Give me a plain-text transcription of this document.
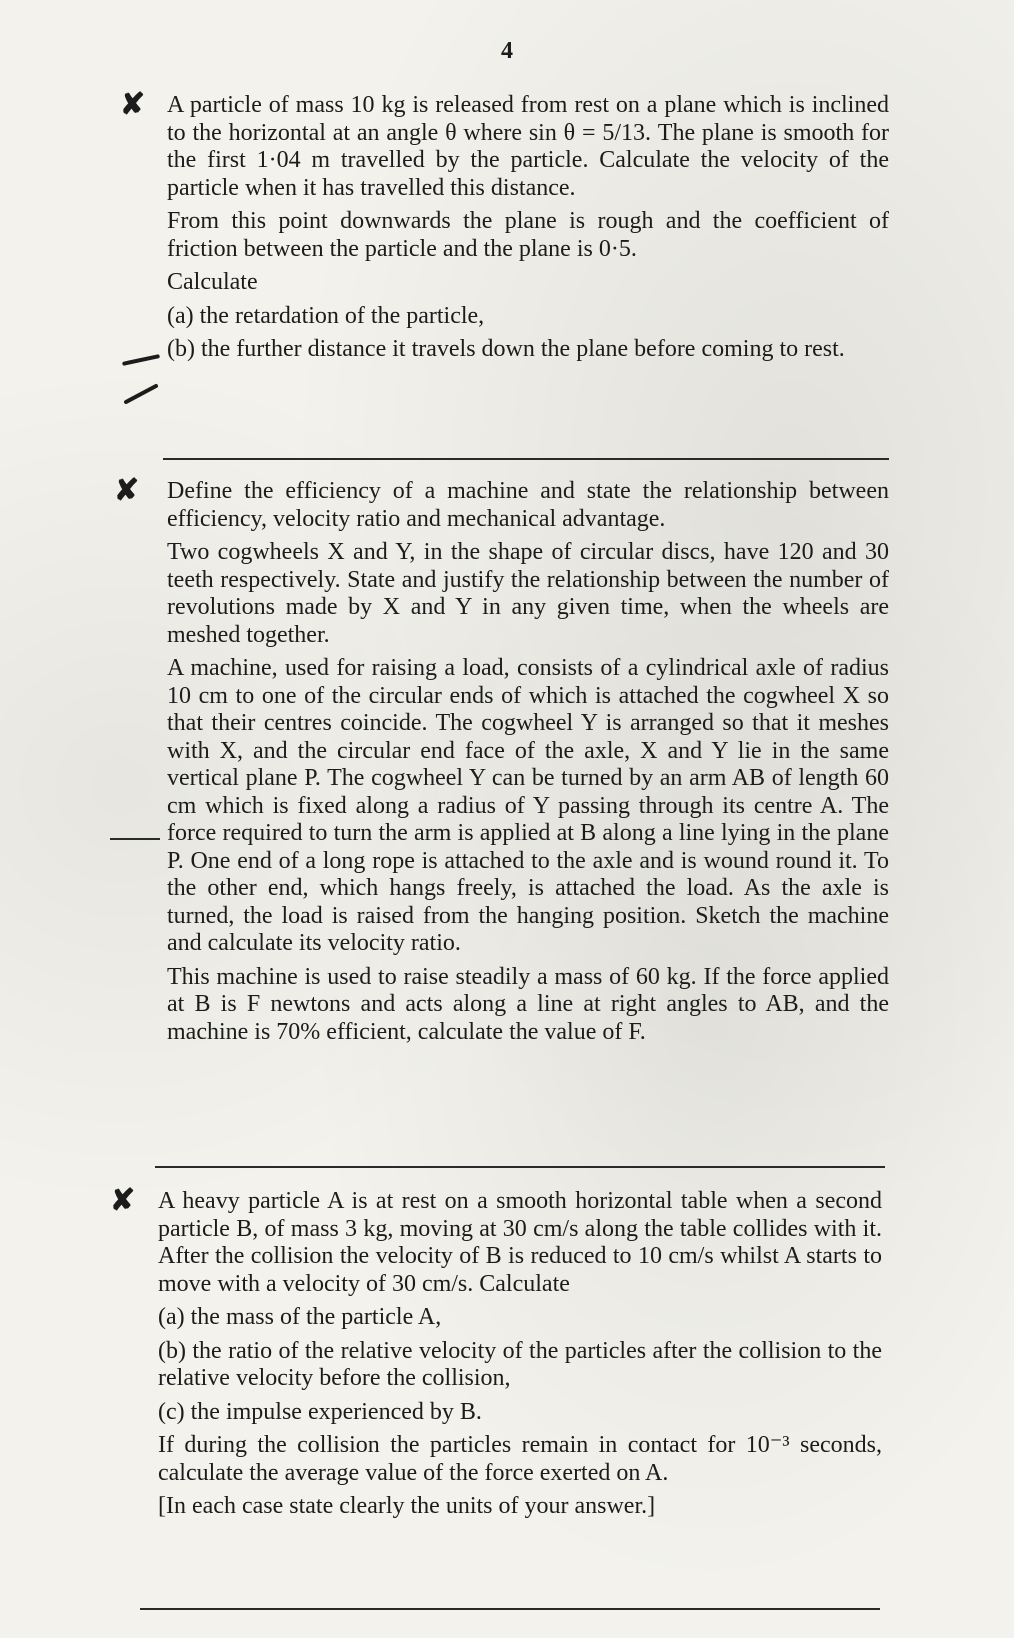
4
✘ A particle of mass 10 kg is released from rest on a plane which is inclined to the horizontal at an angle θ where sin θ = 5/13. The plane is smooth for the first 1·04 m travelled by the particle. Calculate the velocity of the particle when it has travelled this distance.

From this point downwards the plane is rough and the coefficient of friction between the particle and the plane is 0·5.

Calculate

(a) the retardation of the particle,
(b) the further distance it travels down the plane before coming to rest.
✘ Define the efficiency of a machine and state the relationship between efficiency, velocity ratio and mechanical advantage.

Two cogwheels X and Y, in the shape of circular discs, have 120 and 30 teeth respectively. State and justify the relationship between the number of revolutions made by X and Y in any given time, when the wheels are meshed together.

A machine, used for raising a load, consists of a cylindrical axle of radius 10 cm to one of the circular ends of which is attached the cogwheel X so that their centres coincide. The cogwheel Y is arranged so that it meshes with X, and the circular end face of the axle, X and Y lie in the same vertical plane P. The cogwheel Y can be turned by an arm AB of length 60 cm which is fixed along a radius of Y passing through its centre A. The force required to turn the arm is applied at B along a line lying in the plane P. One end of a long rope is attached to the axle and is wound round it. To the other end, which hangs freely, is attached the load. As the axle is turned, the load is raised from the hanging position. Sketch the machine and calculate its velocity ratio.

This machine is used to raise steadily a mass of 60 kg. If the force applied at B is F newtons and acts along a line at right angles to AB, and the machine is 70% efficient, calculate the value of F.

✘ A heavy particle A is at rest on a smooth horizontal table when a second particle B, of mass 3 kg, moving at 30 cm/s along the table collides with it. After the collision the velocity of B is reduced to 10 cm/s whilst A starts to move with a velocity of 30 cm/s. Calculate

(a) the mass of the particle A,
(b) the ratio of the relative velocity of the particles after the collision to the relative velocity before the collision,
(c) the impulse experienced by B.

If during the collision the particles remain in contact for 10⁻³ seconds, calculate the average value of the force exerted on A.

[In each case state clearly the units of your answer.]
